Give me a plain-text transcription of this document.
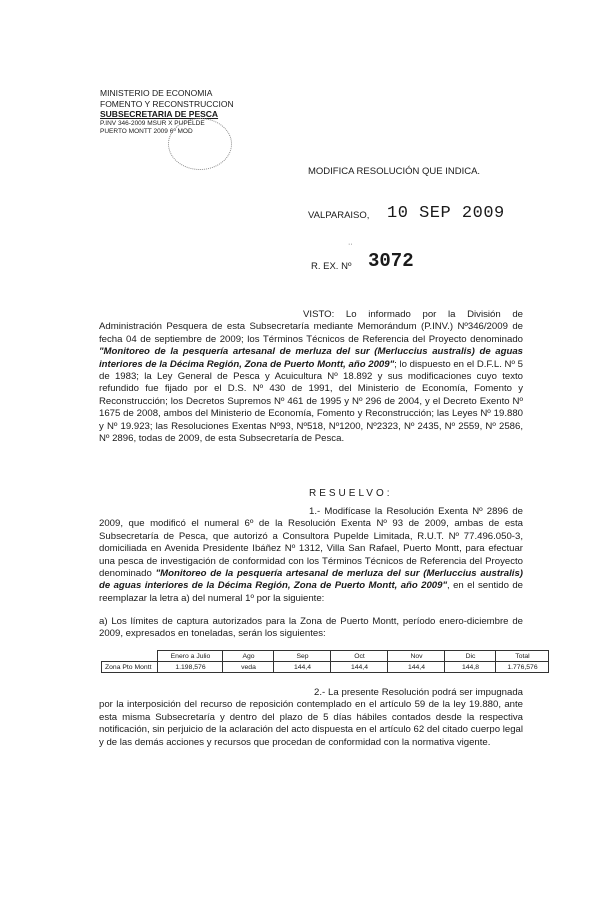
MINISTERIO DE ECONOMIA
FOMENTO Y RECONSTRUCCION
SUBSECRETARIA DE PESCA
P.INV 346-2009 MSUR X PUPELDE
PUERTO MONTT 2009 6º MOD
MODIFICA RESOLUCIÓN QUE INDICA.
VALPARAISO, 10 SEP 2009
··
R. EX. Nº 3072
VISTO: Lo informado por la División de Administración Pesquera de esta Subsecretaría mediante Memorándum (P.INV.) Nº346/2009 de fecha 04 de septiembre de 2009; los Términos Técnicos de Referencia del Proyecto denominado "Monitoreo de la pesquería artesanal de merluza del sur (Merluccius australis) de aguas interiores de la Décima Región, Zona de Puerto Montt, año 2009"; lo dispuesto en el D.F.L. Nº 5 de 1983; la Ley General de Pesca y Acuicultura Nº 18.892 y sus modificaciones cuyo texto refundido fue fijado por el D.S. Nº 430 de 1991, del Ministerio de Economía, Fomento y Reconstrucción; los Decretos Supremos Nº 461 de 1995 y Nº 296 de 2004, y el Decreto Exento Nº 1675 de 2008, ambos del Ministerio de Economía, Fomento y Reconstrucción; las Leyes Nº 19.880 y Nº 19.923; las Resoluciones Exentas Nº93, Nº518, Nº1200, Nº2323, Nº 2435, Nº 2559, Nº 2586, Nº 2896, todas de 2009, de esta Subsecretaría de Pesca.
RESUELVO:
1.- Modifícase la Resolución Exenta Nº 2896 de 2009, que modificó el numeral 6º de la Resolución Exenta Nº 93 de 2009, ambas de esta Subsecretaría de Pesca, que autorizó a Consultora Pupelde Limitada, R.U.T. Nº 77.496.050-3, domiciliada en Avenida Presidente Ibáñez Nº 1312, Villa San Rafael, Puerto Montt, para efectuar una pesca de investigación de conformidad con los Términos Técnicos de Referencia del Proyecto denominado "Monitoreo de la pesquería artesanal de merluza del sur (Merluccius australis) de aguas interiores de la Décima Región, Zona de Puerto Montt, año 2009", en el sentido de reemplazar la letra a) del numeral 1º por la siguiente:
a) Los límites de captura autorizados para la Zona de Puerto Montt, período enero-diciembre de 2009, expresados en toneladas, serán los siguientes:
	Enero a Julio	Ago	Sep	Oct	Nov	Dic	Total
Zona Pto Montt	1.198,576	veda	144,4	144,4	144,4	144,8	1.776,576
2.- La presente Resolución podrá ser impugnada por la interposición del recurso de reposición contemplado en el artículo 59 de la ley 19.880, ante esta misma Subsecretaría y dentro del plazo de 5 días hábiles contados desde la respectiva notificación, sin perjuicio de la aclaración del acto dispuesta en el artículo 62 del citado cuerpo legal y de las demás acciones y recursos que procedan de conformidad con la normativa vigente.
